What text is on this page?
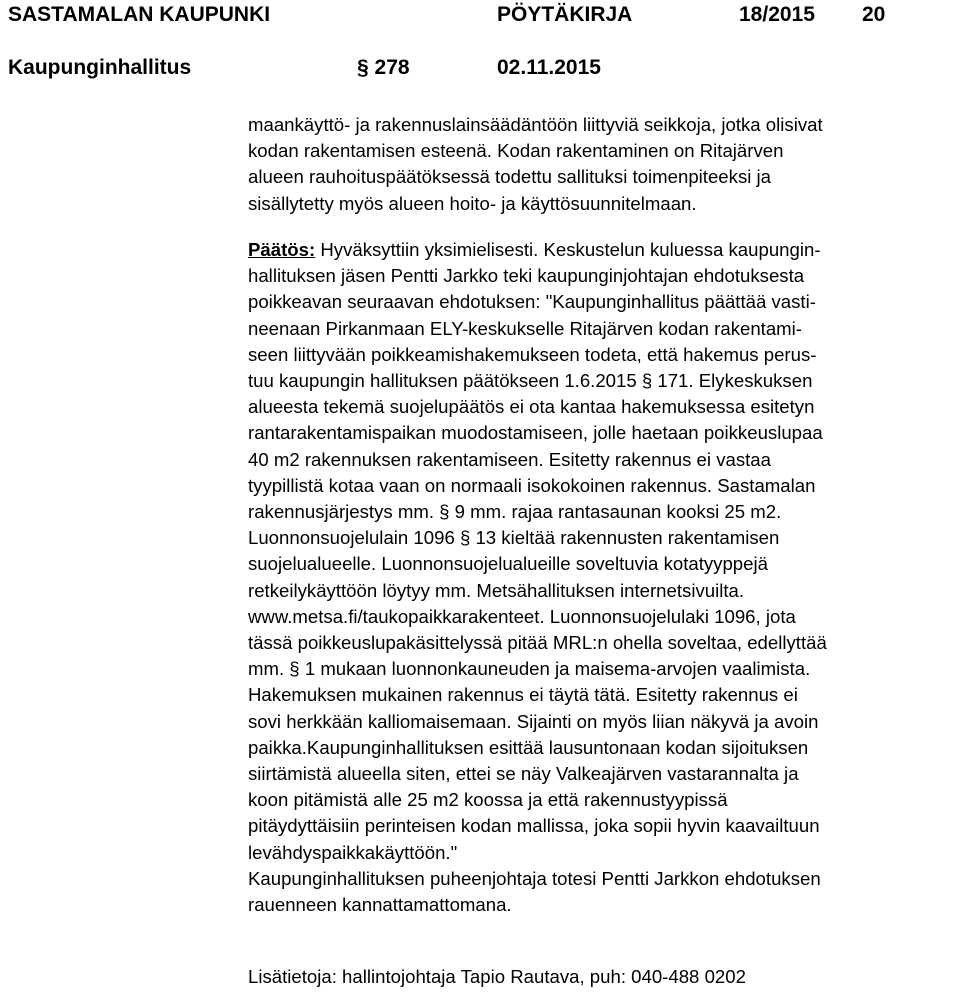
SASTAMALAN KAUPUNKI	PÖYTÄKIRJA	18/2015 20
Kaupunginhallitus	§ 278	02.11.2015
maankäyttö- ja rakennuslainsäädäntöön liittyviä seikkoja, jotka olisivat
kodan rakentamisen esteenä. Kodan rakentaminen on Ritajärven
alueen rauhoituspäätöksessä todettu sallituksi toimenpiteeksi ja
sisällytetty myös alueen hoito- ja käyttösuunnitelmaan.
Päätös: Hyväksyttiin yksimielisesti. Keskustelun kuluessa kaupungin-
hallituksen jäsen Pentti Jarkko teki kaupunginjohtajan ehdotuksesta
poikkeavan seuraavan ehdotuksen: "Kaupunginhallitus päättää vasti-
neenaan Pirkanmaan ELY-keskukselle Ritajärven kodan rakentami-
seen liittyvään poikkeamishakemukseen todeta, että hakemus perus-
tuu kaupungin hallituksen päätökseen 1.6.2015 § 171. Elykeskuksen
alueesta tekemä suojelupäätös ei ota kantaa hakemuksessa esitetyn
rantarakentamispaikan muodostamiseen, jolle haetaan poikkeuslupaa
40 m2 rakennuksen rakentamiseen. Esitetty rakennus ei vastaa
tyypillistä kotaa vaan on normaali isokokoinen rakennus. Sastamalan
rakennusjärjestys mm. § 9 mm. rajaa rantasaunan kooksi 25 m2.
Luonnonsuojelulain 1096 § 13 kieltää rakennusten rakentamisen
suojelualueelle. Luonnonsuojelualueille soveltuvia kotatyyppejä
retkeilykäyttöön löytyy mm. Metsähallituksen internetsivuilta.
www.metsa.fi/taukopaikkarakenteet. Luonnonsuojelulaki 1096, jota
tässä poikkeuslupakäsittelyssä pitää MRL:n ohella soveltaa, edellyttää
mm. § 1 mukaan luonnonkauneuden ja maisema-arvojen vaalimista.
Hakemuksen mukainen rakennus ei täytä tätä. Esitetty rakennus ei
sovi herkkään kalliomaisemaan. Sijainti on myös liian näkyvä ja avoin
paikka.Kaupunginhallituksen esittää lausuntonaan kodan sijoituksen
siirtämistä alueella siten, ettei se näy Valkeajärven vastarannalta ja
koon pitämistä alle 25 m2 koossa ja että rakennustyypissä
pitäydyttäisiin perinteisen kodan mallissa, joka sopii hyvin kaavailtuun
levähdyspaikkakäyttöön."
Kaupunginhallituksen puheenjohtaja totesi Pentti Jarkkon ehdotuksen
rauenneen kannattamattomana.
Lisätietoja: hallintojohtaja Tapio Rautava, puh: 040-488 0202
